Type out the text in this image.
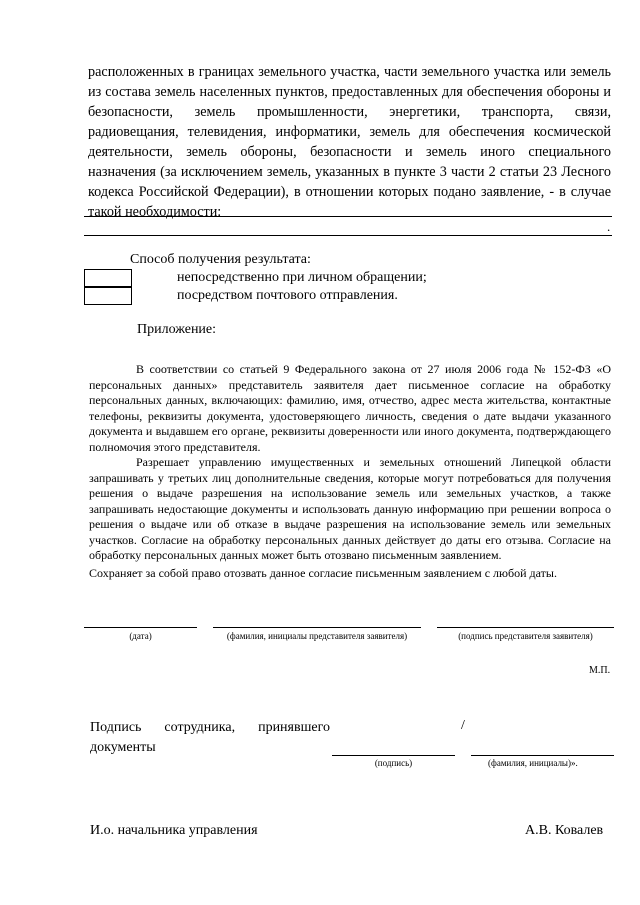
расположенных в границах земельного участка, части земельного участка или земель из состава земель населенных пунктов, предоставленных для обеспечения обороны и безопасности, земель промышленности, энергетики, транспорта, связи, радиовещания, телевидения, информатики, земель для обеспечения космической деятельности, земель обороны, безопасности и земель иного специального назначения (за исключением земель, указанных в пункте 3 части 2 статьи 23 Лесного кодекса Российской Федерации), в отношении которых подано заявление, - в случае такой необходимости:
.
Способ получения результата:
непосредственно при личном обращении;
посредством почтового отправления.
Приложение:
В соответствии со статьей 9 Федерального закона от 27 июля 2006 года № 152-ФЗ «О персональных данных» представитель заявителя дает письменное согласие на обработку персональных данных, включающих: фамилию, имя, отчество, адрес места жительства, контактные телефоны, реквизиты документа, удостоверяющего личность, сведения о дате выдачи указанного документа и выдавшем его органе, реквизиты доверенности или иного документа, подтверждающего полномочия этого представителя.
Разрешает управлению имущественных и земельных отношений Липецкой области запрашивать у третьих лиц дополнительные сведения, которые могут потребоваться для получения решения о выдаче разрешения на использование земель или земельных участков, а также запрашивать недостающие документы и использовать данную информацию при решении вопроса о решения о выдаче или об отказе в выдаче разрешения на использование земель или земельных участков. Согласие на обработку персональных данных действует до даты его отзыва. Согласие на обработку персональных данных может быть отозвано письменным заявлением.
Сохраняет за собой право отозвать данное согласие письменным заявлением с любой даты.
(дата)	(фамилия, инициалы представителя заявителя)	(подпись представителя заявителя)
М.П.
Подпись сотрудника, принявшего документы
/
(подпись)	(фамилия, инициалы)».
И.о. начальника управления	А.В. Ковалев
